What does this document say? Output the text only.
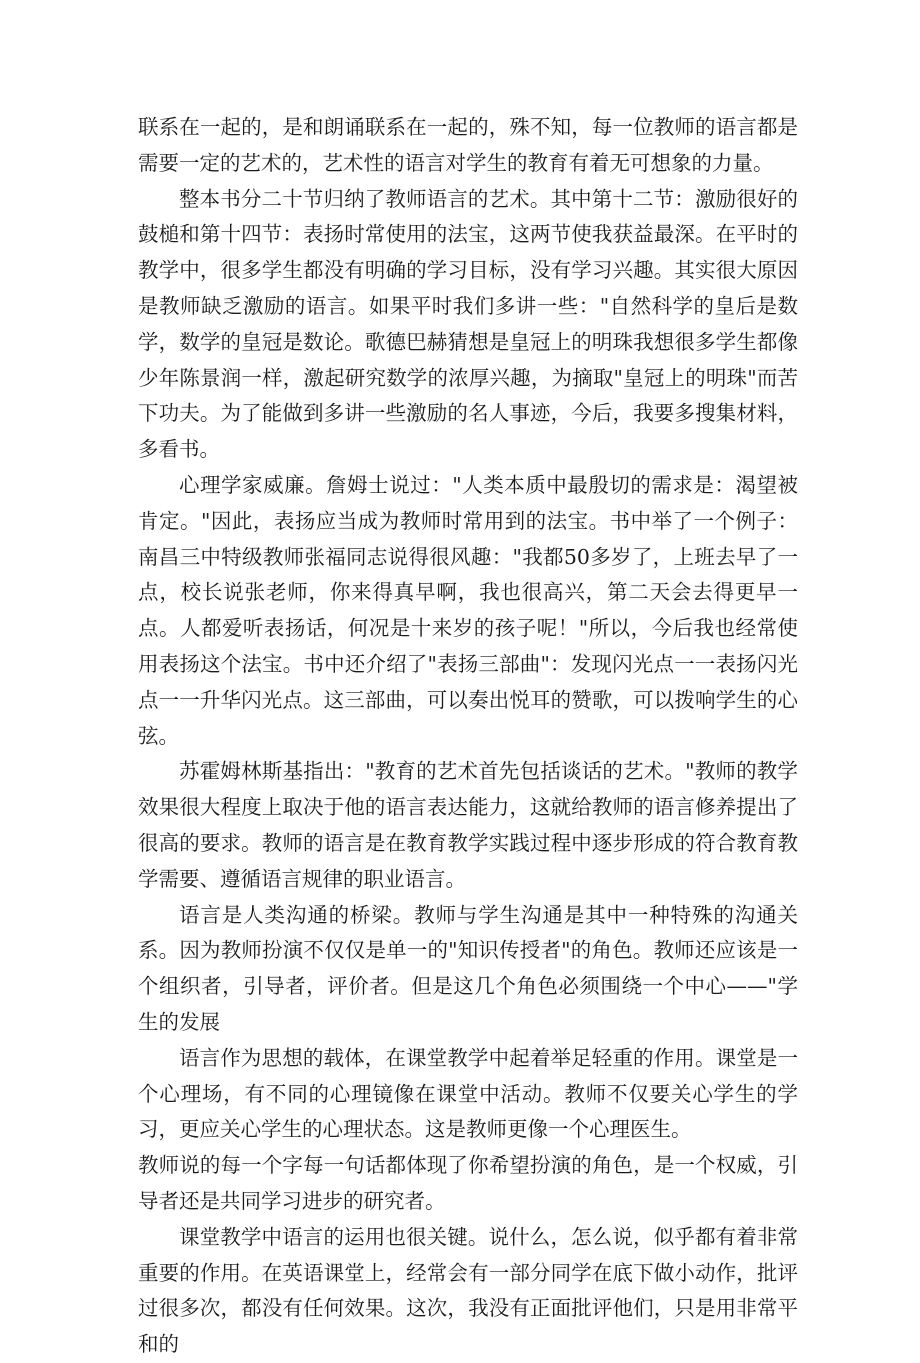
联系在一起的，是和朗诵联系在一起的，殊不知，每一位教师的语言都是需要一定的艺术的，艺术性的语言对学生的教育有着无可想象的力量。

整本书分二十节归纳了教师语言的艺术。其中第十二节：激励很好的鼓槌和第十四节：表扬时常使用的法宝，这两节使我获益最深。在平时的教学中，很多学生都没有明确的学习目标，没有学习兴趣。其实很大原因是教师缺乏激励的语言。如果平时我们多讲一些："自然科学的皇后是数学，数学的皇冠是数论。歌德巴赫猜想是皇冠上的明珠我想很多学生都像少年陈景润一样，激起研究数学的浓厚兴趣，为摘取"皇冠上的明珠"而苦下功夫。为了能做到多讲一些激励的名人事迹，今后，我要多搜集材料，多看书。

心理学家威廉。詹姆士说过："人类本质中最殷切的需求是：渴望被肯定。"因此，表扬应当成为教师时常用到的法宝。书中举了一个例子：南昌三中特级教师张福同志说得很风趣："我都50多岁了，上班去早了一点，校长说张老师，你来得真早啊，我也很高兴，第二天会去得更早一点。人都爱听表扬话，何况是十来岁的孩子呢！"所以，今后我也经常使用表扬这个法宝。书中还介绍了"表扬三部曲"：发现闪光点一一表扬闪光点一一升华闪光点。这三部曲，可以奏出悦耳的赞歌，可以拨响学生的心弦。

苏霍姆林斯基指出："教育的艺术首先包括谈话的艺术。"教师的教学效果很大程度上取决于他的语言表达能力，这就给教师的语言修养提出了很高的要求。教师的语言是在教育教学实践过程中逐步形成的符合教育教学需要、遵循语言规律的职业语言。

语言是人类沟通的桥梁。教师与学生沟通是其中一种特殊的沟通关系。因为教师扮演不仅仅是单一的"知识传授者"的角色。教师还应该是一个组织者，引导者，评价者。但是这几个角色必须围绕一个中心——"学生的发展

语言作为思想的载体，在课堂教学中起着举足轻重的作用。课堂是一个心理场，有不同的心理镜像在课堂中活动。教师不仅要关心学生的学习，更应关心学生的心理状态。这是教师更像一个心理医生。

教师说的每一个字每一句话都体现了你希望扮演的角色，是一个权威，引导者还是共同学习进步的研究者。

课堂教学中语言的运用也很关键。说什么，怎么说，似乎都有着非常重要的作用。在英语课堂上，经常会有一部分同学在底下做小动作，批评过很多次，都没有任何效果。这次，我没有正面批评他们，只是用非常平和的
